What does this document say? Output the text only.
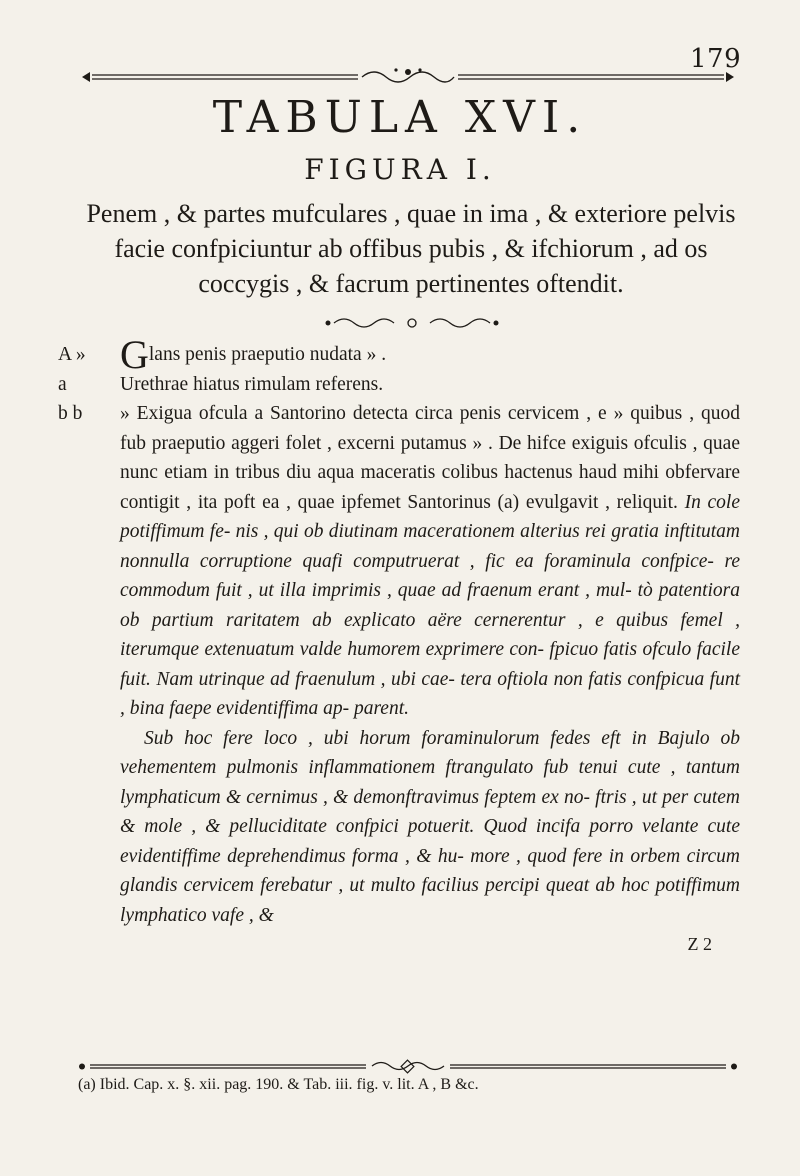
179
TABULA XVI.
FIGURA I.
Penem , & partes mufculares , quae in ima , & exteriore pelvis facie confpiciuntur ab offibus pubis , & ifchiorum , ad os coccygis , & facrum pertinentes oftendit.

A » Glans penis praeputio nudata » .

a	Urethrae hiatus rimulam referens.

b b	» Exigua ofcula a Santorino detecta circa penis cervicem , e » quibus , quod fub praeputio aggeri folet , excerni putamus » . De hifce exiguis ofculis , quae nunc etiam in tribus diu aqua maceratis colibus hactenus haud mihi obfervare contigit , ita poft ea , quae ipfemet Santorinus (a) evulgavit , reliquit. In cole potiffimum fe- nis , qui ob diutinam macerationem alterius rei gratia inftitutam nonnulla corruptione quafi computruerat , fic ea foraminula confpice- re commodum fuit , ut illa imprimis , quae ad fraenum erant , mul- tò patentiora ob partium raritatem ab explicato aëre cernerentur , e quibus femel , iterumque extenuatum valde humorem exprimere con- fpicuo fatis ofculo facile fuit. Nam utrinque ad fraenulum , ubi cae- tera oftiola non fatis confpicua funt , bina faepe evidentiffima ap- parent.

Sub hoc fere loco , ubi horum foraminulorum fedes eft in Bajulo ob vehementem pulmonis inflammationem ftrangulato fub tenui cute , tantum lymphaticum & cernimus , & demonftravimus feptem ex no- ftris , ut per cutem & mole , & pelluciditate confpici potuerit. Quod incifa porro velante cute evidentiffime deprehendimus forma , & hu- more , quod fere in orbem circum glandis cervicem ferebatur , ut multo facilius percipi queat ab hoc potiffimum lymphatico vafe , &

Z 2
(a) Ibid. Cap. x. §. xii. pag. 190. & Tab. iii. fig. v. lit. A , B &c.
